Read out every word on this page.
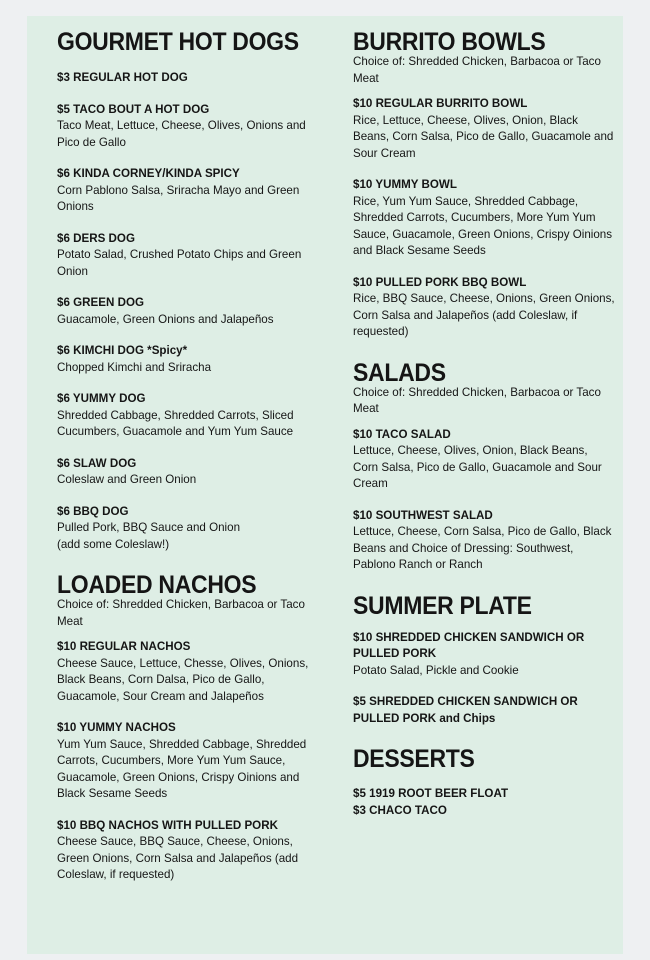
GOURMET HOT DOGS

$3 REGULAR HOT DOG

$5 TACO BOUT A HOT DOG

Taco Meat, Lettuce, Cheese, Olives, Onions and Pico de Gallo

$6 KINDA CORNEY/KINDA SPICY

Corn Pablono Salsa, Sriracha Mayo and Green Onions

$6 DERS DOG

Potato Salad, Crushed Potato Chips and Green Onion

$6 GREEN DOG

Guacamole, Green Onions and Jalapeños

$6 KIMCHI DOG *Spicy*

Chopped Kimchi and Sriracha

$6 YUMMY DOG

Shredded Cabbage, Shredded Carrots, Sliced Cucumbers, Guacamole and Yum Yum Sauce

$6 SLAW DOG

Coleslaw and Green Onion

$6 BBQ DOG

Pulled Pork, BBQ Sauce and Onion
(add some Coleslaw!)

LOADED NACHOS

Choice of: Shredded Chicken, Barbacoa or Taco Meat

$10 REGULAR NACHOS

Cheese Sauce, Lettuce, Chesse, Olives, Onions, Black Beans, Corn Dalsa, Pico de Gallo, Guacamole, Sour Cream and Jalapeños

$10 YUMMY NACHOS

Yum Yum Sauce, Shredded Cabbage, Shredded Carrots, Cucumbers, More Yum Yum Sauce, Guacamole, Green Onions, Crispy Oinions and Black Sesame Seeds

$10 BBQ NACHOS WITH PULLED PORK

Cheese Sauce, BBQ Sauce, Cheese, Onions, Green Onions, Corn Salsa and Jalapeños (add Coleslaw, if requested)

BURRITO BOWLS

Choice of: Shredded Chicken, Barbacoa or Taco Meat

$10 REGULAR BURRITO BOWL

Rice, Lettuce, Cheese, Olives, Onion, Black Beans, Corn Salsa, Pico de Gallo, Guacamole and Sour Cream

$10 YUMMY BOWL

Rice, Yum Yum Sauce, Shredded Cabbage, Shredded Carrots, Cucumbers, More Yum Yum Sauce, Guacamole, Green Onions, Crispy Oinions and Black Sesame Seeds

$10 PULLED PORK BBQ BOWL

Rice, BBQ Sauce, Cheese, Onions, Green Onions, Corn Salsa and Jalapeños (add Coleslaw, if requested)

SALADS

Choice of: Shredded Chicken, Barbacoa or Taco Meat

$10 TACO SALAD

Lettuce, Cheese, Olives, Onion, Black Beans, Corn Salsa, Pico de Gallo, Guacamole and Sour Cream

$10 SOUTHWEST SALAD

Lettuce, Cheese, Corn Salsa, Pico de Gallo, Black Beans and Choice of Dressing: Southwest, Pablono Ranch or Ranch

SUMMER PLATE

$10 SHREDDED CHICKEN SANDWICH OR PULLED PORK

Potato Salad, Pickle and Cookie

$5 SHREDDED CHICKEN SANDWICH OR PULLED PORK and Chips

DESSERTS

$5 1919 ROOT BEER FLOAT

$3 CHACO TACO
